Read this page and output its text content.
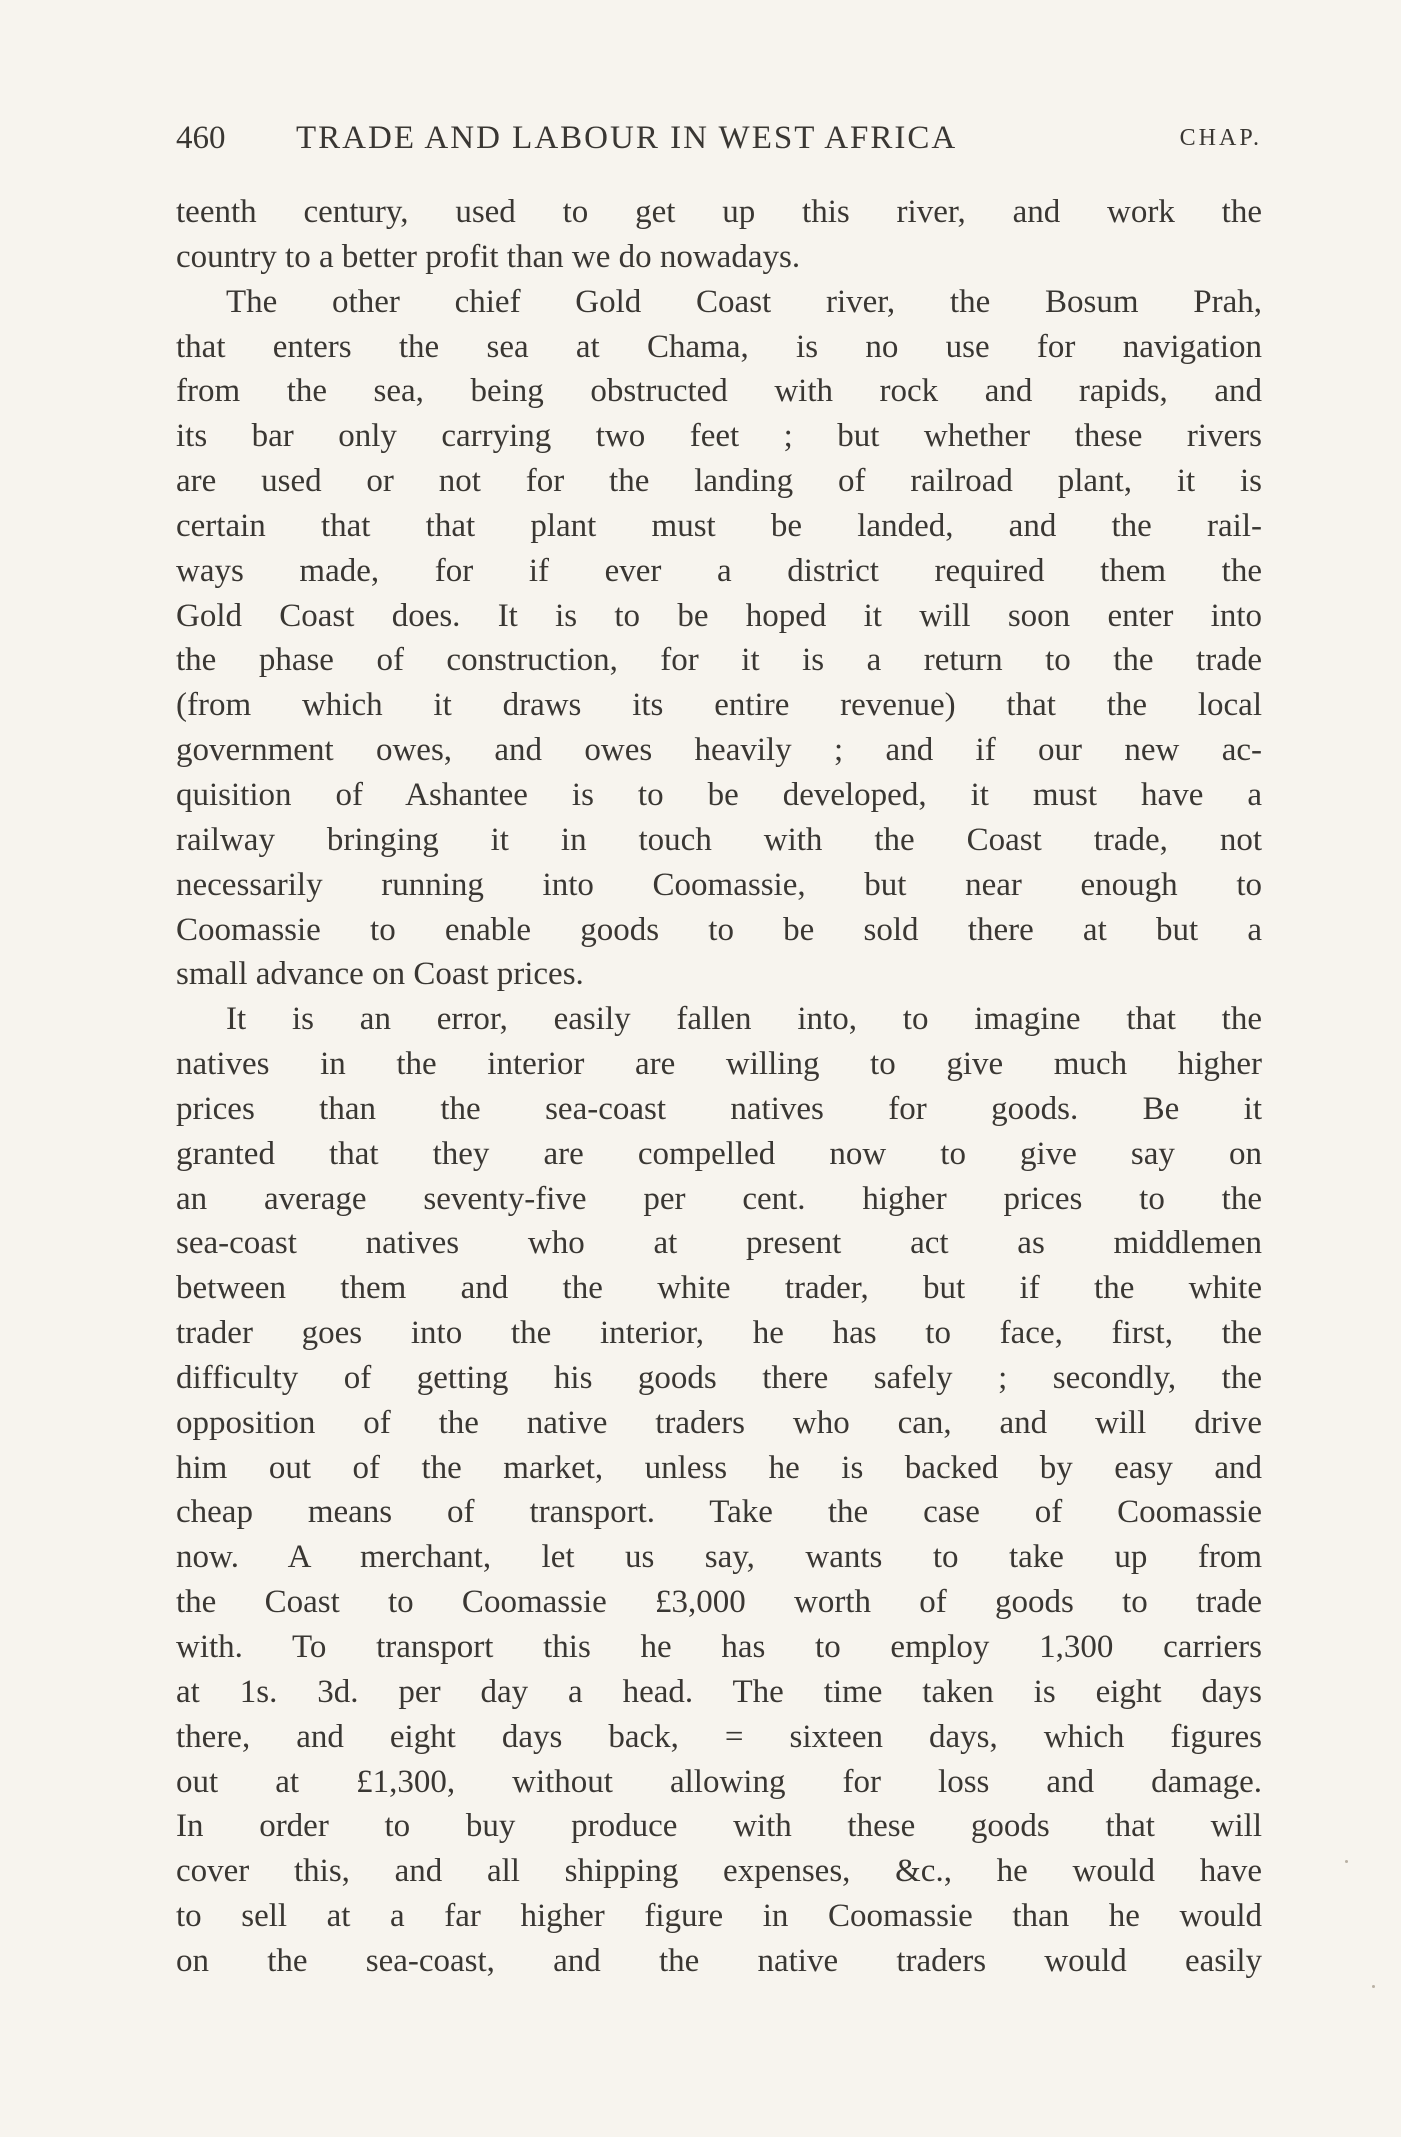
460 TRADE AND LABOUR IN WEST AFRICA	CHAP.
teenth century, used to get up this river, and work the
country to a better profit than we do nowadays.
The other chief Gold Coast river, the Bosum Prah,
that enters the sea at Chama, is no use for navigation
from the sea, being obstructed with rock and rapids, and
its bar only carrying two feet ; but whether these rivers
are used or not for the landing of railroad plant, it is
certain that that plant must be landed, and the rail-
ways made, for if ever a district required them the
Gold Coast does. It is to be hoped it will soon enter into
the phase of construction, for it is a return to the trade
(from which it draws its entire revenue) that the local
government owes, and owes heavily ; and if our new ac-
quisition of Ashantee is to be developed, it must have a
railway bringing it in touch with the Coast trade, not
necessarily running into Coomassie, but near enough to
Coomassie to enable goods to be sold there at but a
small advance on Coast prices.
It is an error, easily fallen into, to imagine that the
natives in the interior are willing to give much higher
prices than the sea-coast natives for goods. Be it
granted that they are compelled now to give say on
an average seventy-five per cent. higher prices to the
sea-coast natives who at present act as middlemen
between them and the white trader, but if the white
trader goes into the interior, he has to face, first, the
difficulty of getting his goods there safely ; secondly, the
opposition of the native traders who can, and will drive
him out of the market, unless he is backed by easy and
cheap means of transport. Take the case of Coomassie
now. A merchant, let us say, wants to take up from
the Coast to Coomassie £3,000 worth of goods to trade
with. To transport this he has to employ 1,300 carriers
at 1s. 3d. per day a head. The time taken is eight days
there, and eight days back, = sixteen days, which figures
out at £1,300, without allowing for loss and damage.
In order to buy produce with these goods that will
cover this, and all shipping expenses, &c., he would have
to sell at a far higher figure in Coomassie than he would
on the sea-coast, and the native traders would easily
